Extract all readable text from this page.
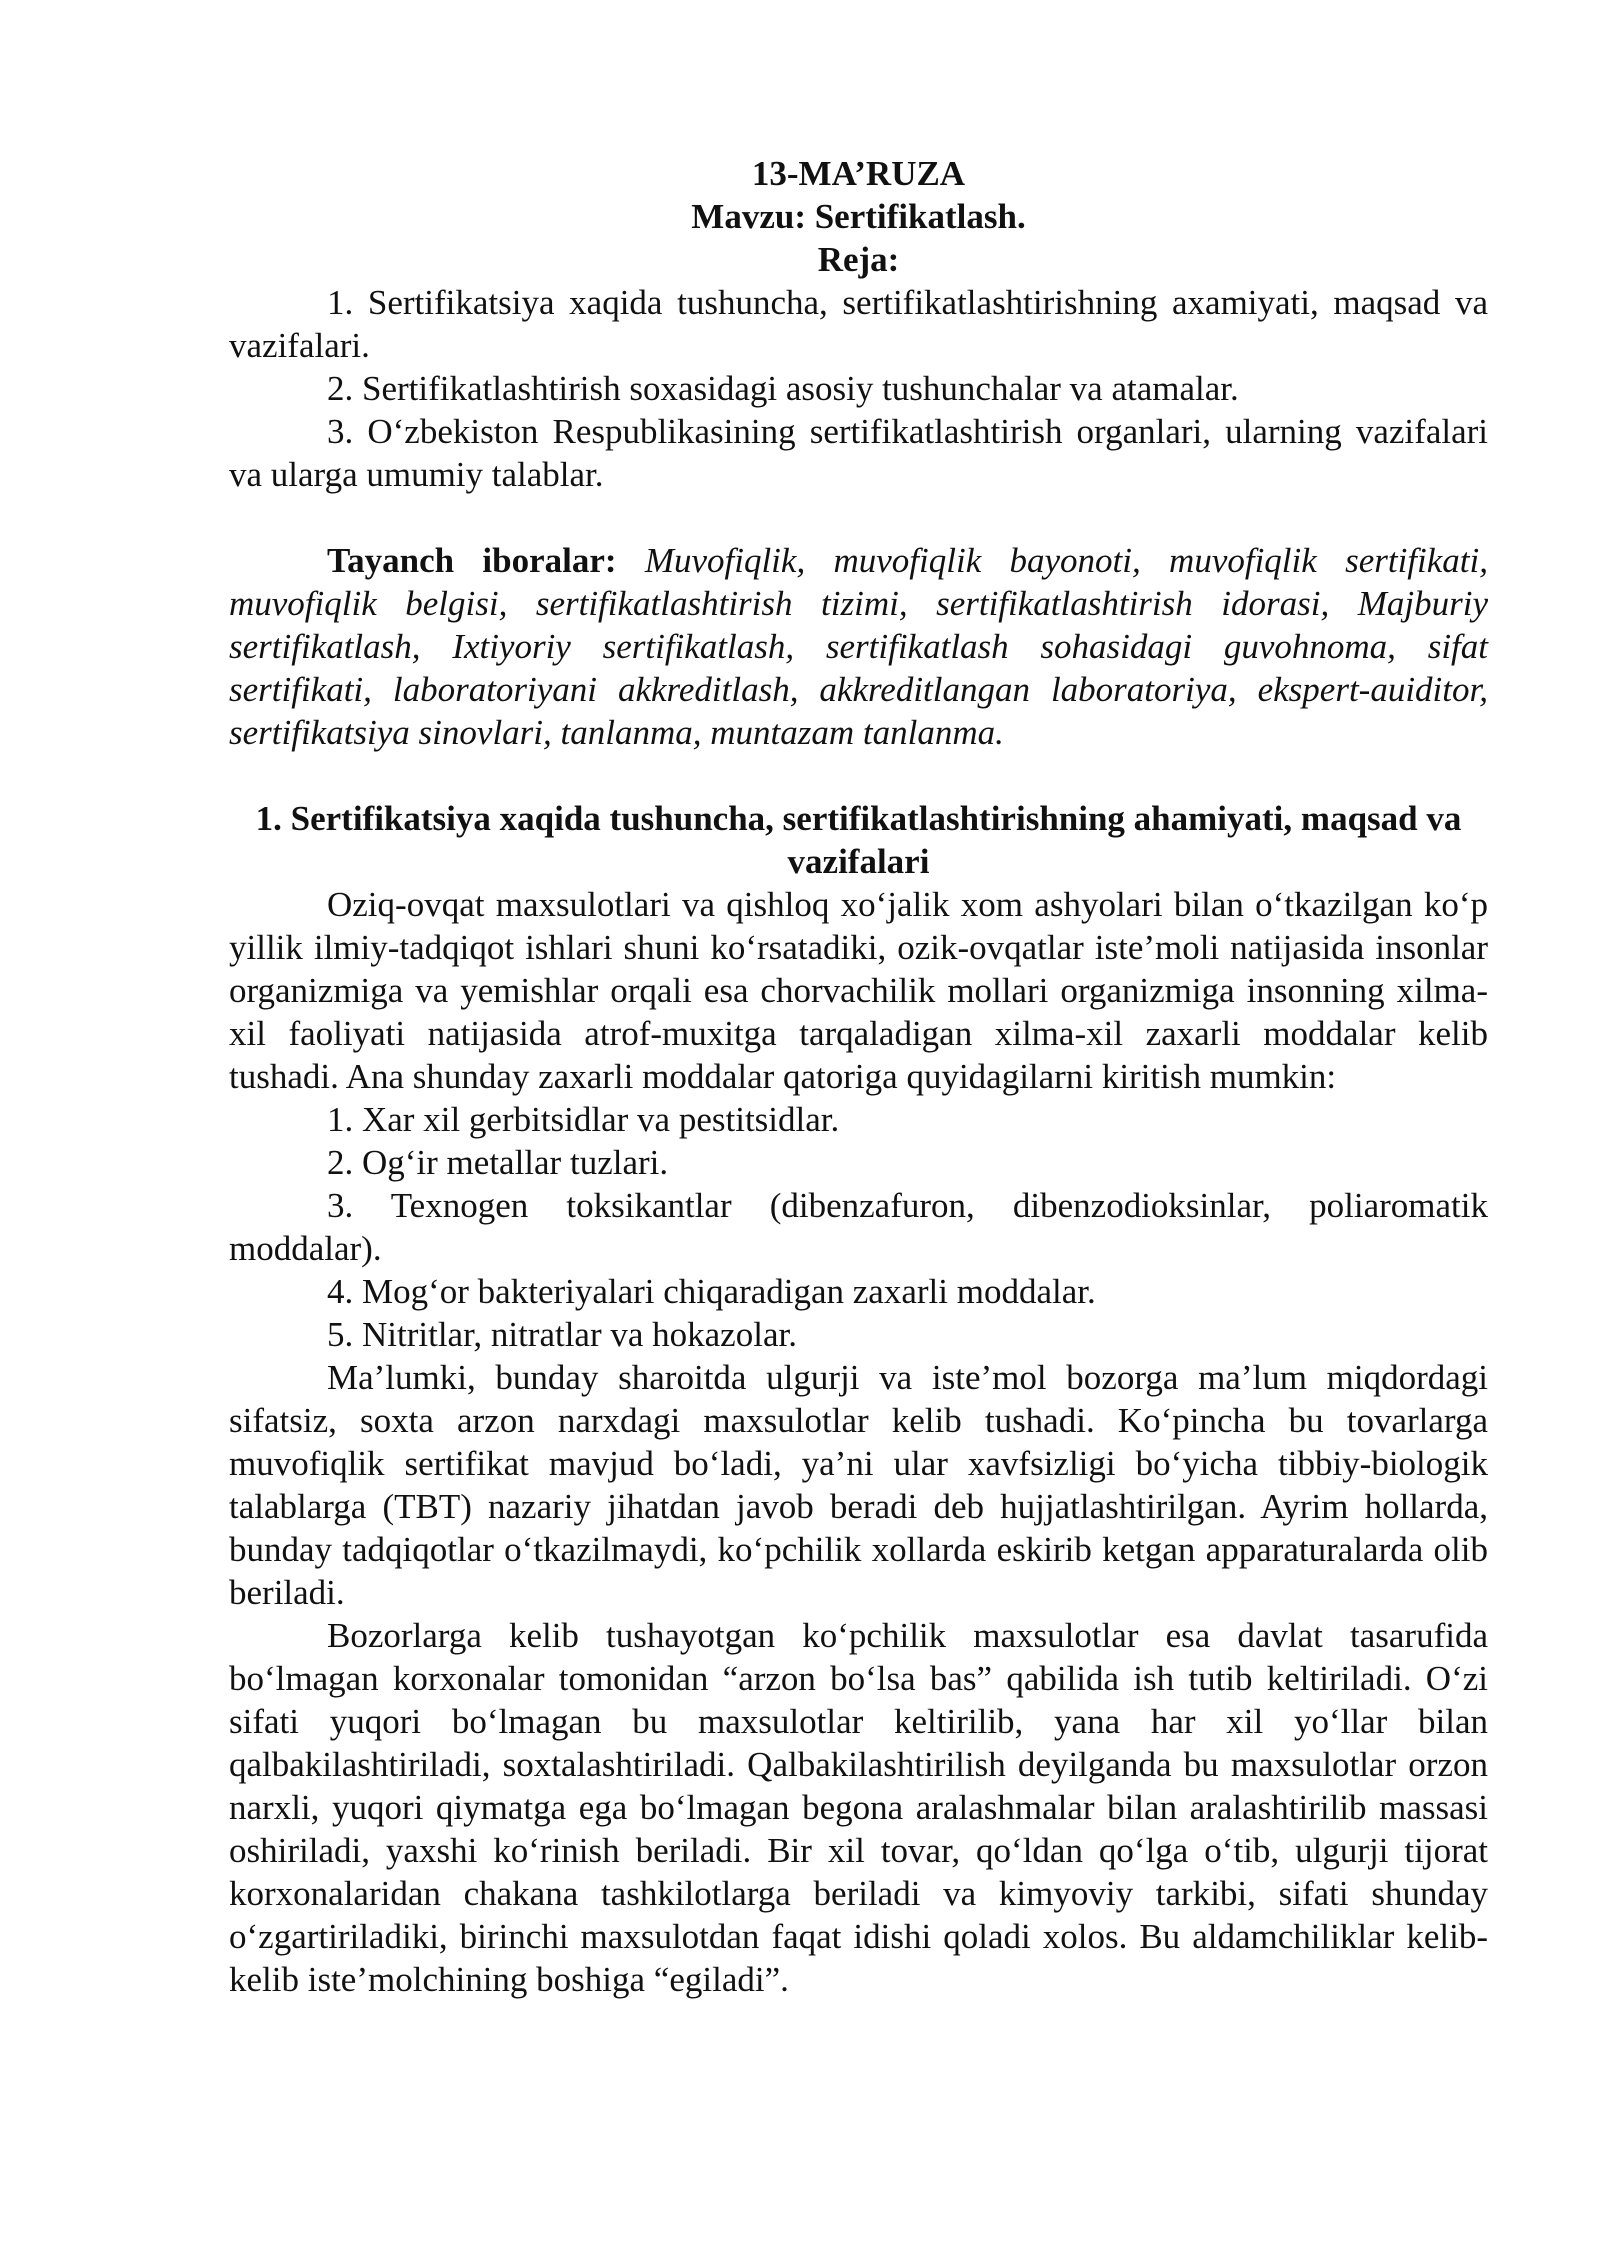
13-MA’RUZA
Mavzu: Sertifikatlash.
Reja:

1. Sertifikatsiya xaqida tushuncha, sertifikatlashtirishning axamiyati, maqsad va vazifalari.

2. Sertifikatlashtirish soxasidagi asosiy tushunchalar va atamalar.

3. O‘zbekiston Respublikasining sertifikatlashtirish organlari, ularning vazifalari va ularga umumiy talablar.

Tayanch iboralar: Muvofiqlik, muvofiqlik bayonoti, muvofiqlik sertifikati, muvofiqlik belgisi, sertifikatlashtirish tizimi, sertifikatlashtirish idorasi, Majburiy sertifikatlash, Ixtiyoriy sertifikatlash, sertifikatlash sohasidagi guvohnoma, sifat sertifikati, laboratoriyani akkreditlash, akkreditlangan laboratoriya, ekspert-auiditor, sertifikatsiya sinovlari, tanlanma, muntazam tanlanma.

1. Sertifikatsiya xaqida tushuncha, sertifikatlashtirishning ahamiyati, maqsad va vazifalari

Oziq-ovqat maxsulotlari va qishloq xo‘jalik xom ashyolari bilan o‘tkazilgan ko‘p yillik ilmiy-tadqiqot ishlari shuni ko‘rsatadiki, ozik-ovqatlar iste’moli natijasida insonlar organizmiga va yemishlar orqali esa chorvachilik mollari organizmiga insonning xilma-xil faoliyati natijasida atrof-muxitga tarqaladigan xilma-xil zaxarli moddalar kelib tushadi. Ana shunday zaxarli moddalar qatoriga quyidagilarni kiritish mumkin:

1. Xar xil gerbitsidlar va pestitsidlar.

2. Og‘ir metallar tuzlari.

3. Texnogen toksikantlar (dibenzafuron, dibenzodioksinlar, poliaromatik moddalar).

4. Mog‘or bakteriyalari chiqaradigan zaxarli moddalar.

5. Nitritlar, nitratlar va hokazolar.

Ma’lumki, bunday sharoitda ulgurji va iste’mol bozorga ma’lum miqdordagi sifatsiz, soxta arzon narxdagi maxsulotlar kelib tushadi. Ko‘pincha bu tovarlarga muvofiqlik sertifikat mavjud bo‘ladi, ya’ni ular xavfsizligi bo‘yicha tibbiy-biologik talablarga (TBT) nazariy jihatdan javob beradi deb hujjatlashtirilgan. Ayrim hollarda, bunday tadqiqotlar o‘tkazilmaydi, ko‘pchilik xollarda eskirib ketgan apparaturalarda olib beriladi.

Bozorlarga kelib tushayotgan ko‘pchilik maxsulotlar esa davlat tasarufida bo‘lmagan korxonalar tomonidan “arzon bo‘lsa bas” qabilida ish tutib keltiriladi. O‘zi sifati yuqori bo‘lmagan bu maxsulotlar keltirilib, yana har xil yo‘llar bilan qalbakilashtiriladi, soxtalashtiriladi. Qalbakilashtirilish deyilganda bu maxsulotlar orzon narxli, yuqori qiymatga ega bo‘lmagan begona aralashmalar bilan aralashtirilib massasi oshiriladi, yaxshi ko‘rinish beriladi. Bir xil tovar, qo‘ldan qo‘lga o‘tib, ulgurji tijorat korxonalaridan chakana tashkilotlarga beriladi va kimyoviy tarkibi, sifati shunday o‘zgartiriladiki, birinchi maxsulotdan faqat idishi qoladi xolos. Bu aldamchiliklar kelib-kelib iste’molchining boshiga “egiladi”.
